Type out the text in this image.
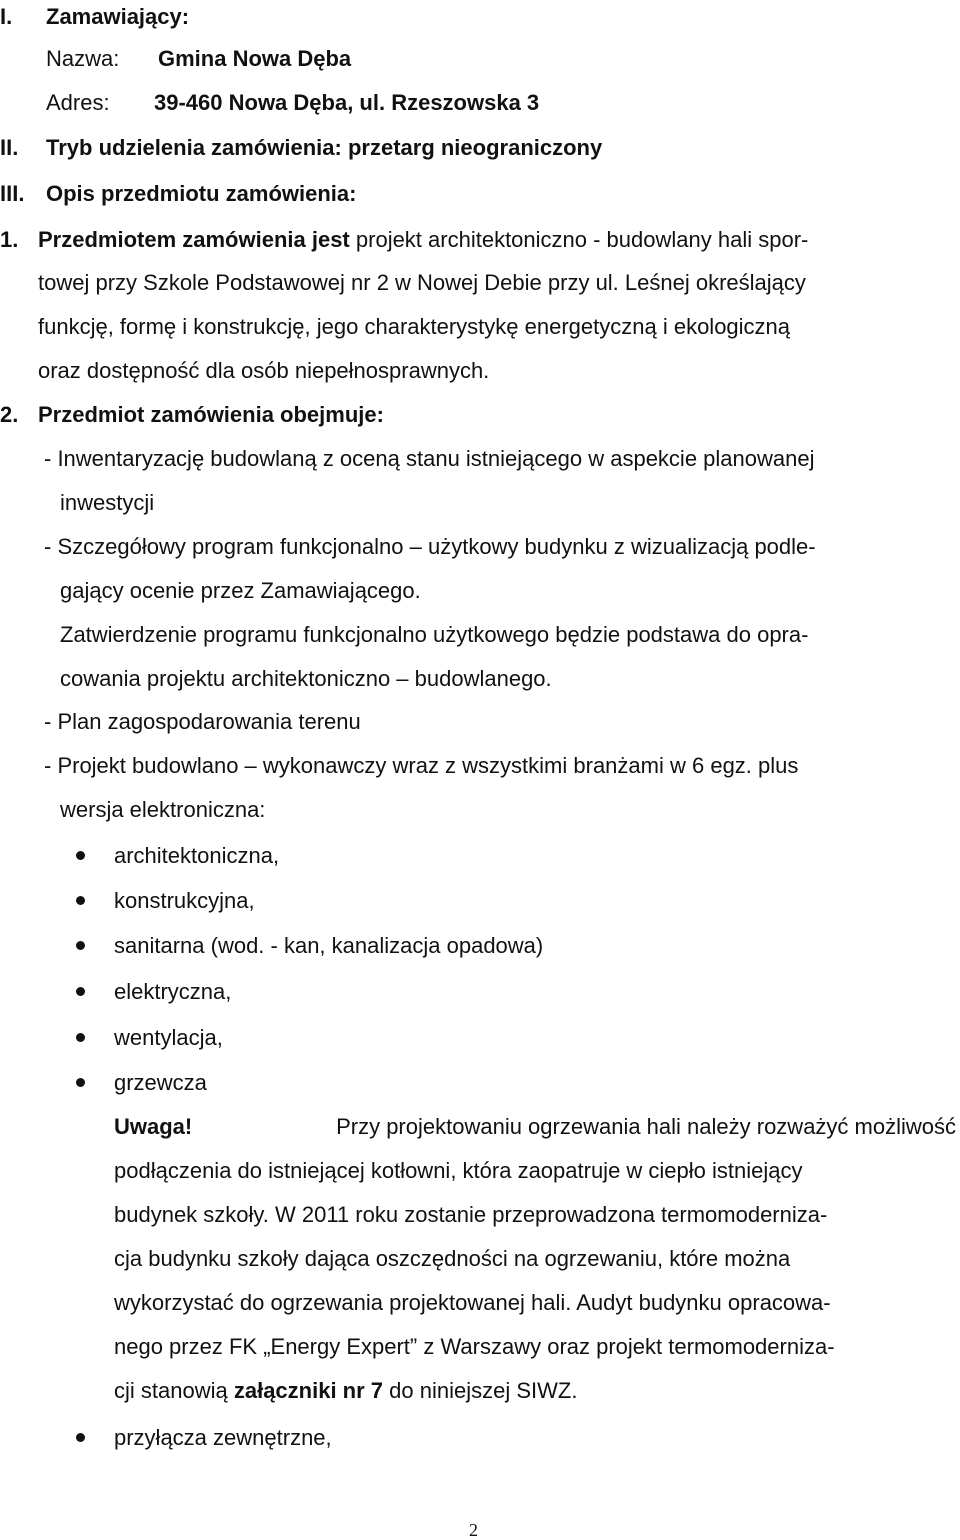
I. Zamawiający:
Nazwa: Gmina Nowa Dęba
Adres: 39-460 Nowa Dęba, ul. Rzeszowska 3
II. Tryb udzielenia zamówienia: przetarg nieograniczony
III. Opis przedmiotu zamówienia:
1. Przedmiotem zamówienia jest projekt architektoniczno - budowlany hali spor-
towej przy Szkole Podstawowej nr 2 w Nowej Debie przy ul. Leśnej określający
funkcję, formę i konstrukcję, jego charakterystykę energetyczną i ekologiczną
oraz dostępność dla osób niepełnosprawnych.
2. Przedmiot zamówienia obejmuje:
- Inwentaryzację budowlaną z oceną stanu istniejącego w aspekcie planowanej
inwestycji
- Szczegółowy program funkcjonalno – użytkowy budynku z wizualizacją podle-
gający ocenie przez Zamawiającego.
Zatwierdzenie programu funkcjonalno użytkowego będzie podstawa do opra-
cowania projektu architektoniczno – budowlanego.
- Plan zagospodarowania terenu
- Projekt budowlano – wykonawczy wraz z wszystkimi branżami w 6 egz. plus
wersja elektroniczna:
architektoniczna,
konstrukcyjna,
sanitarna (wod. - kan, kanalizacja opadowa)
elektryczna,
wentylacja,
grzewcza
Uwaga!	Przy projektowaniu ogrzewania hali należy rozważyć możliwość
podłączenia do istniejącej kotłowni, która zaopatruje w ciepło istniejący
budynek szkoły. W 2011 roku zostanie przeprowadzona termomoderniza-
cja budynku szkoły dająca oszczędności na ogrzewaniu, które można
wykorzystać do ogrzewania projektowanej hali. Audyt budynku opracowa-
nego przez FK „Energy Expert” z Warszawy oraz projekt termomoderniza-
cji stanowią załączniki nr 7 do niniejszej SIWZ.
przyłącza zewnętrzne,
2
